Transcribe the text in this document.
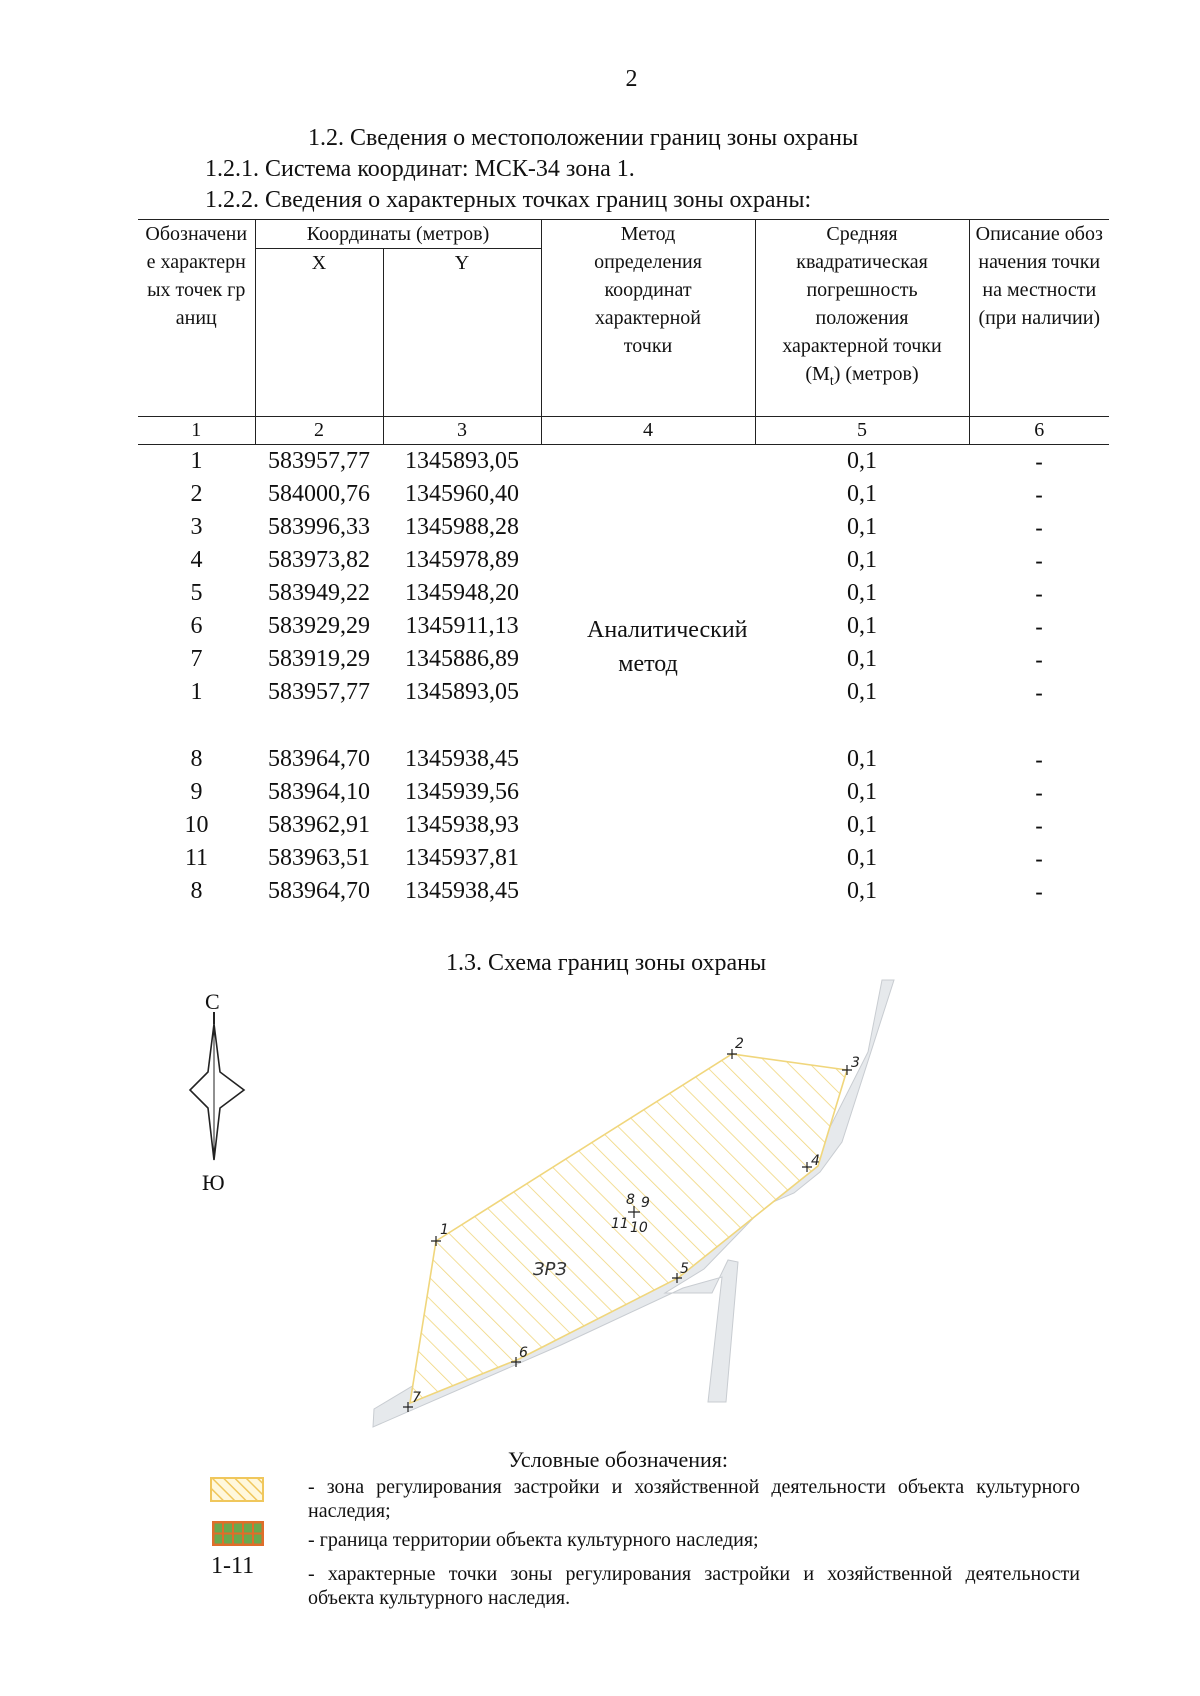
2
1.2. Сведения о местоположении границ зоны охраны
1.2.1. Система координат: МСК-34 зона 1.
1.2.2. Сведения о характерных точках границ зоны охраны:
Обозначение характерных точек границ	Координаты (метров)		Метод определения координат характерной точки	Средняя квадратическая погрешность положения характерной точки $(M_t)$ (метров)	Описание обозначения точки на местности (при наличии)
	X	Y			
1	2	3	4	5	6
1	583957,77	1345893,05	Аналитический метод	0,1	-
2	584000,76	1345960,40		0,1	-
3	583996,33	1345988,28		0,1	-
4	583973,82	1345978,89		0,1	-
5	583949,22	1345948,20		0,1	-
6	583929,29	1345911,13		0,1	-
7	583919,29	1345886,89		0,1	-
1	583957,77	1345893,05		0,1	-

8	583964,70	1345938,45		0,1	-
9	583964,10	1345939,56		0,1	-
10	583962,91	1345938,93		0,1	-
11	583963,51	1345937,81		0,1	-
8	583964,70	1345938,45		0,1	-
1.3. Схема границ зоны охраны
ЗРЗ
1
2
3
4
5
6
7
8 9
10
11
С
Ю
Условные обозначения:
- зона регулирования застройки и хозяйственной деятельности объекта культурного наследия;
- граница территории объекта культурного наследия;
1-11	- характерные точки зоны регулирования застройки и хозяйственной деятельности объекта культурного наследия.
